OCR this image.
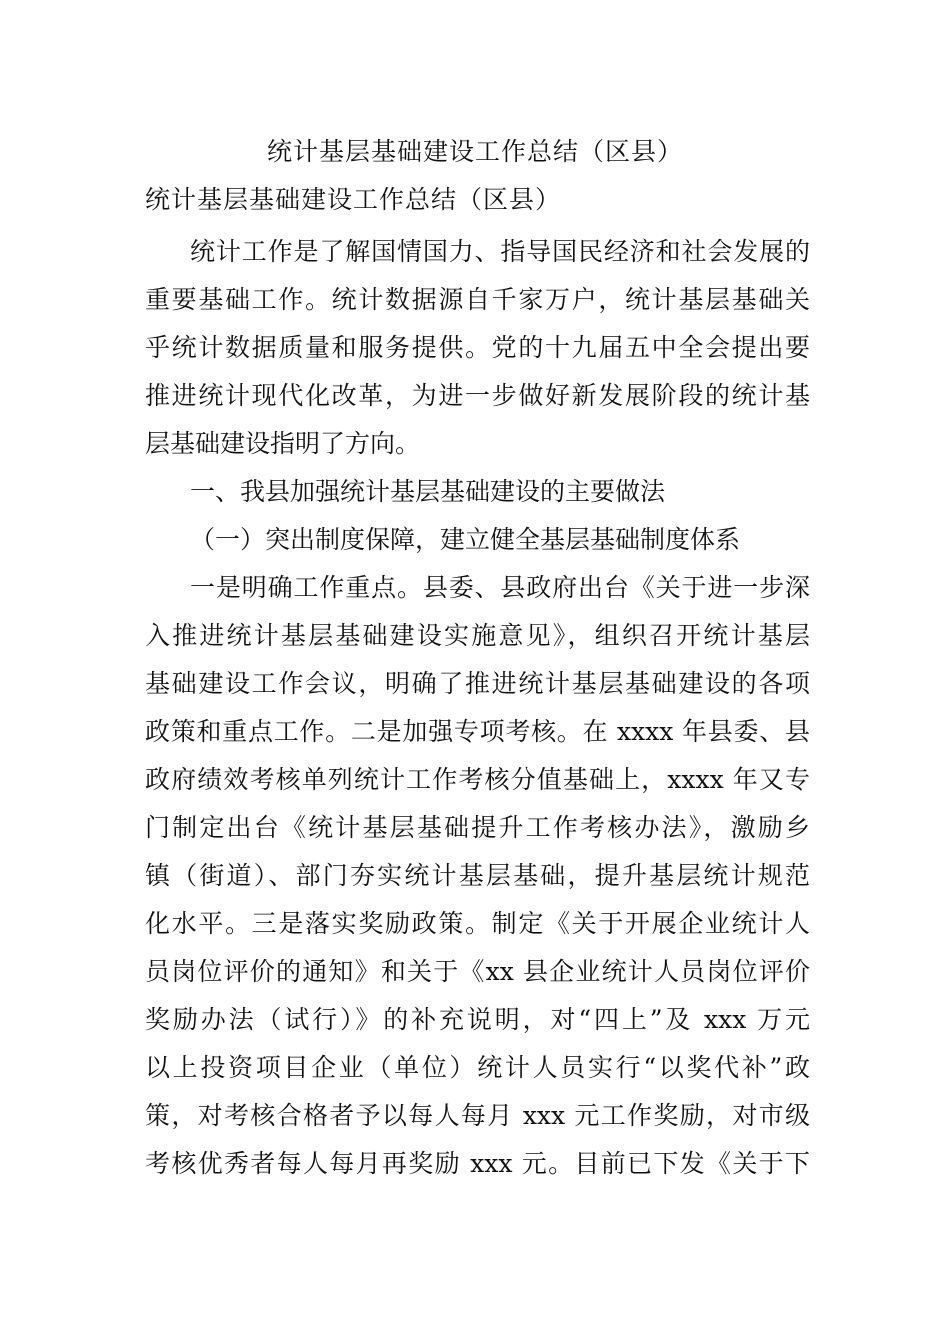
统计基层基础建设工作总结（区县）
统计基层基础建设工作总结（区县）
统计工作是了解国情国力、指导国民经济和社会发展的
重要基础工作。统计数据源自千家万户，统计基层基础关
乎统计数据质量和服务提供。党的十九届五中全会提出要
推进统计现代化改革，为进一步做好新发展阶段的统计基
层基础建设指明了方向。
一、我县加强统计基层基础建设的主要做法
（一）突出制度保障，建立健全基层基础制度体系
一是明确工作重点。县委、县政府出台《关于进一步深
入推进统计基层基础建设实施意见》，组织召开统计基层
基础建设工作会议，明确了推进统计基层基础建设的各项
政策和重点工作。二是加强专项考核。在 xxxx 年县委、县
政府绩效考核单列统计工作考核分值基础上，xxxx 年又专
门制定出台《统计基层基础提升工作考核办法》，激励乡
镇（街道）、部门夯实统计基层基础，提升基层统计规范
化水平。三是落实奖励政策。制定《关于开展企业统计人
员岗位评价的通知》和关于《xx 县企业统计人员岗位评价
奖励办法（试行）》的补充说明，对“四上”及 xxx 万元
以上投资项目企业（单位）统计人员实行“以奖代补”政
策，对考核合格者予以每人每月 xxx 元工作奖励，对市级
考核优秀者每人每月再奖励 xxx 元。目前已下发《关于下
